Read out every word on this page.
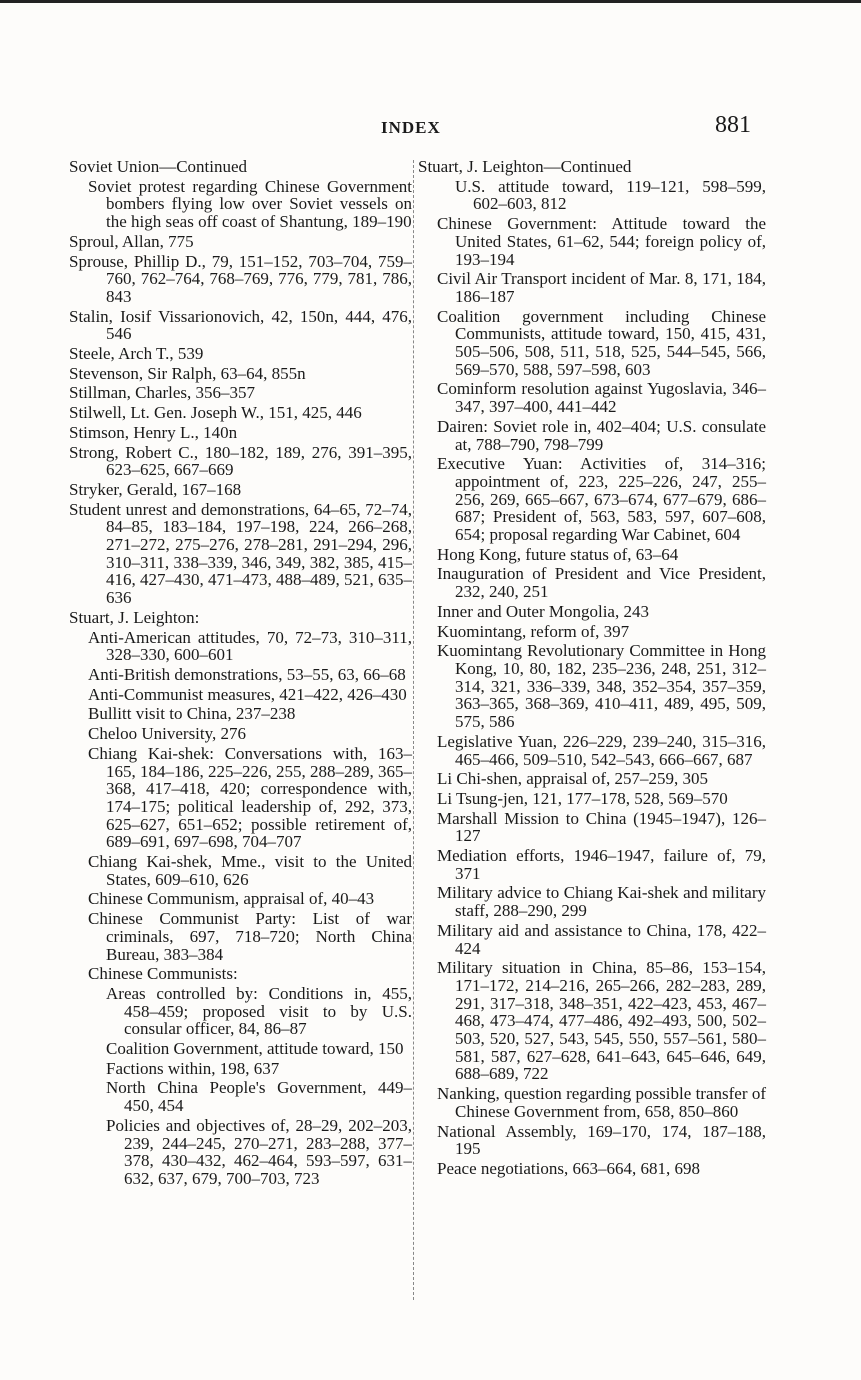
INDEX	881
Soviet Union—Continued
Soviet protest regarding Chinese Government bombers flying low over Soviet vessels on the high seas off coast of Shantung, 189–190
Sproul, Allan, 775
Sprouse, Phillip D., 79, 151–152, 703–704, 759–760, 762–764, 768–769, 776, 779, 781, 786, 843
Stalin, Iosif Vissarionovich, 42, 150n, 444, 476, 546
Steele, Arch T., 539
Stevenson, Sir Ralph, 63–64, 855n
Stillman, Charles, 356–357
Stilwell, Lt. Gen. Joseph W., 151, 425, 446
Stimson, Henry L., 140n
Strong, Robert C., 180–182, 189, 276, 391–395, 623–625, 667–669
Stryker, Gerald, 167–168
Student unrest and demonstrations, 64–65, 72–74, 84–85, 183–184, 197–198, 224, 266–268, 271–272, 275–276, 278–281, 291–294, 296, 310–311, 338–339, 346, 349, 382, 385, 415–416, 427–430, 471–473, 488–489, 521, 635–636
Stuart, J. Leighton:
Anti-American attitudes, 70, 72–73, 310–311, 328–330, 600–601
Anti-British demonstrations, 53–55, 63, 66–68
Anti-Communist measures, 421–422, 426–430
Bullitt visit to China, 237–238
Cheloo University, 276
Chiang Kai-shek: Conversations with, 163–165, 184–186, 225–226, 255, 288–289, 365–368, 417–418, 420; correspondence with, 174–175; political leadership of, 292, 373, 625–627, 651–652; possible retirement of, 689–691, 697–698, 704–707
Chiang Kai-shek, Mme., visit to the United States, 609–610, 626
Chinese Communism, appraisal of, 40–43
Chinese Communist Party: List of war criminals, 697, 718–720; North China Bureau, 383–384
Chinese Communists:
Areas controlled by: Conditions in, 455, 458–459; proposed visit to by U.S. consular officer, 84, 86–87
Coalition Government, attitude toward, 150
Factions within, 198, 637
North China People's Government, 449–450, 454
Policies and objectives of, 28–29, 202–203, 239, 244–245, 270–271, 283–288, 377–378, 430–432, 462–464, 593–597, 631–632, 637, 679, 700–703, 723
Stuart, J. Leighton—Continued
U.S. attitude toward, 119–121, 598–599, 602–603, 812
Chinese Government: Attitude toward the United States, 61–62, 544; foreign policy of, 193–194
Civil Air Transport incident of Mar. 8, 171, 184, 186–187
Coalition government including Chinese Communists, attitude toward, 150, 415, 431, 505–506, 508, 511, 518, 525, 544–545, 566, 569–570, 588, 597–598, 603
Cominform resolution against Yugoslavia, 346–347, 397–400, 441–442
Dairen: Soviet role in, 402–404; U.S. consulate at, 788–790, 798–799
Executive Yuan: Activities of, 314–316; appointment of, 223, 225–226, 247, 255–256, 269, 665–667, 673–674, 677–679, 686–687; President of, 563, 583, 597, 607–608, 654; proposal regarding War Cabinet, 604
Hong Kong, future status of, 63–64
Inauguration of President and Vice President, 232, 240, 251
Inner and Outer Mongolia, 243
Kuomintang, reform of, 397
Kuomintang Revolutionary Committee in Hong Kong, 10, 80, 182, 235–236, 248, 251, 312–314, 321, 336–339, 348, 352–354, 357–359, 363–365, 368–369, 410–411, 489, 495, 509, 575, 586
Legislative Yuan, 226–229, 239–240, 315–316, 465–466, 509–510, 542–543, 666–667, 687
Li Chi-shen, appraisal of, 257–259, 305
Li Tsung-jen, 121, 177–178, 528, 569–570
Marshall Mission to China (1945–1947), 126–127
Mediation efforts, 1946–1947, failure of, 79, 371
Military advice to Chiang Kai-shek and military staff, 288–290, 299
Military aid and assistance to China, 178, 422–424
Military situation in China, 85–86, 153–154, 171–172, 214–216, 265–266, 282–283, 289, 291, 317–318, 348–351, 422–423, 453, 467–468, 473–474, 477–486, 492–493, 500, 502–503, 520, 527, 543, 545, 550, 557–561, 580–581, 587, 627–628, 641–643, 645–646, 649, 688–689, 722
Nanking, question regarding possible transfer of Chinese Government from, 658, 850–860
National Assembly, 169–170, 174, 187–188, 195
Peace negotiations, 663–664, 681, 698
